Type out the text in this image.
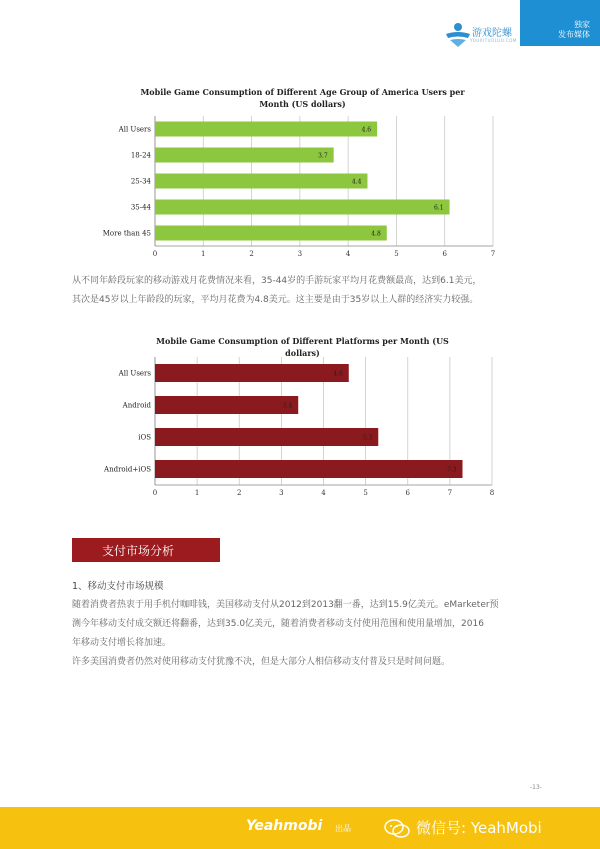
游戏陀螺
YOUXITUOLUO.COM
独家
发布媒体
Mobile Game Consumption of Different Age Group of America Users per Month (US dollars)
0	1	2	3	4	5	6	7
All Users	4.6
18-24	3.7
25-34	4.4
35-44	6.1
More than 45	4.8
从不同年龄段玩家的移动游戏月花费情况来看，35-44岁的手游玩家平均月花费额最高，达到6.1美元，
其次是45岁以上年龄段的玩家，平均月花费为4.8美元。这主要是由于35岁以上人群的经济实力较强。
Mobile Game Consumption of Different Platforms per Month (US dollars)
0	1	2	3	4	5	6	7	8
All Users	4.6
Android	3.4
iOS	5.3
Android+iOS	7.3
支付市场分析
1、移动支付市场规模
随着消费者热衷于用手机付咖啡钱，美国移动支付从2012到2013翻一番，达到15.9亿美元。eMarketer预
测今年移动支付成交额还将翻番，达到35.0亿美元，随着消费者移动支付使用范围和使用量增加，2016
年移动支付增长将加速。
许多美国消费者仍然对使用移动支付犹豫不决，但是大部分人相信移动支付普及只是时间问题。
-13-
Yeahmobi 出品	微信号: YeahMobi
